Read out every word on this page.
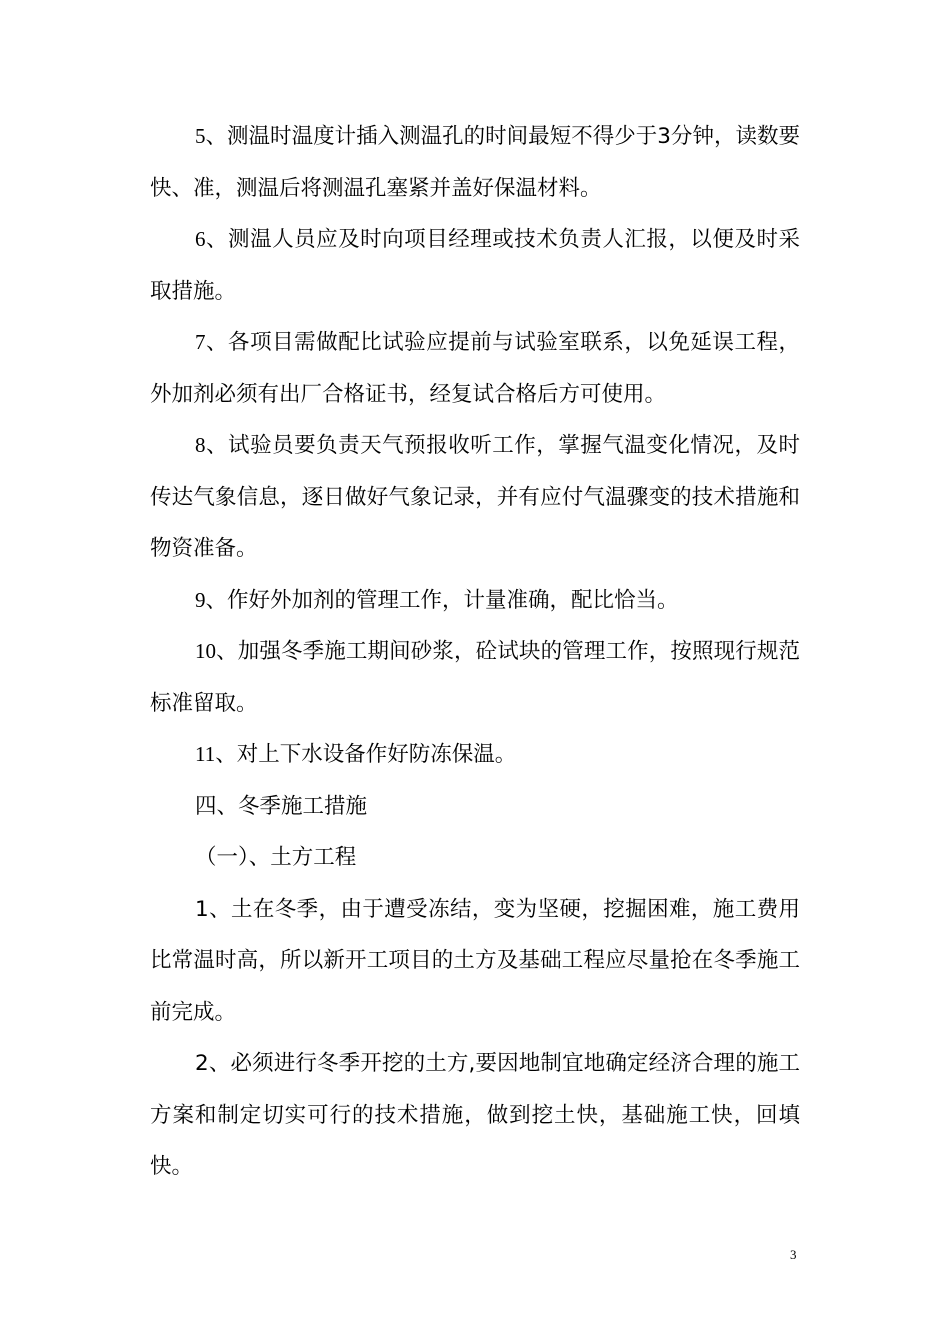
5、测温时温度计插入测温孔的时间最短不得少于3分钟，读数要快、准，测温后将测温孔塞紧并盖好保温材料。

6、测温人员应及时向项目经理或技术负责人汇报，以便及时采取措施。

7、各项目需做配比试验应提前与试验室联系，以免延误工程，外加剂必须有出厂合格证书，经复试合格后方可使用。

8、试验员要负责天气预报收听工作，掌握气温变化情况，及时传达气象信息，逐日做好气象记录，并有应付气温骤变的技术措施和物资准备。

9、作好外加剂的管理工作，计量准确，配比恰当。

10、加强冬季施工期间砂浆，砼试块的管理工作，按照现行规范标准留取。

11、对上下水设备作好防冻保温。

四、冬季施工措施

（一）、土方工程

1、土在冬季，由于遭受冻结，变为坚硬，挖掘困难，施工费用比常温时高，所以新开工项目的土方及基础工程应尽量抢在冬季施工前完成。

2、必须进行冬季开挖的土方,要因地制宜地确定经济合理的施工方案和制定切实可行的技术措施，做到挖土快，基础施工快，回填快。

3
